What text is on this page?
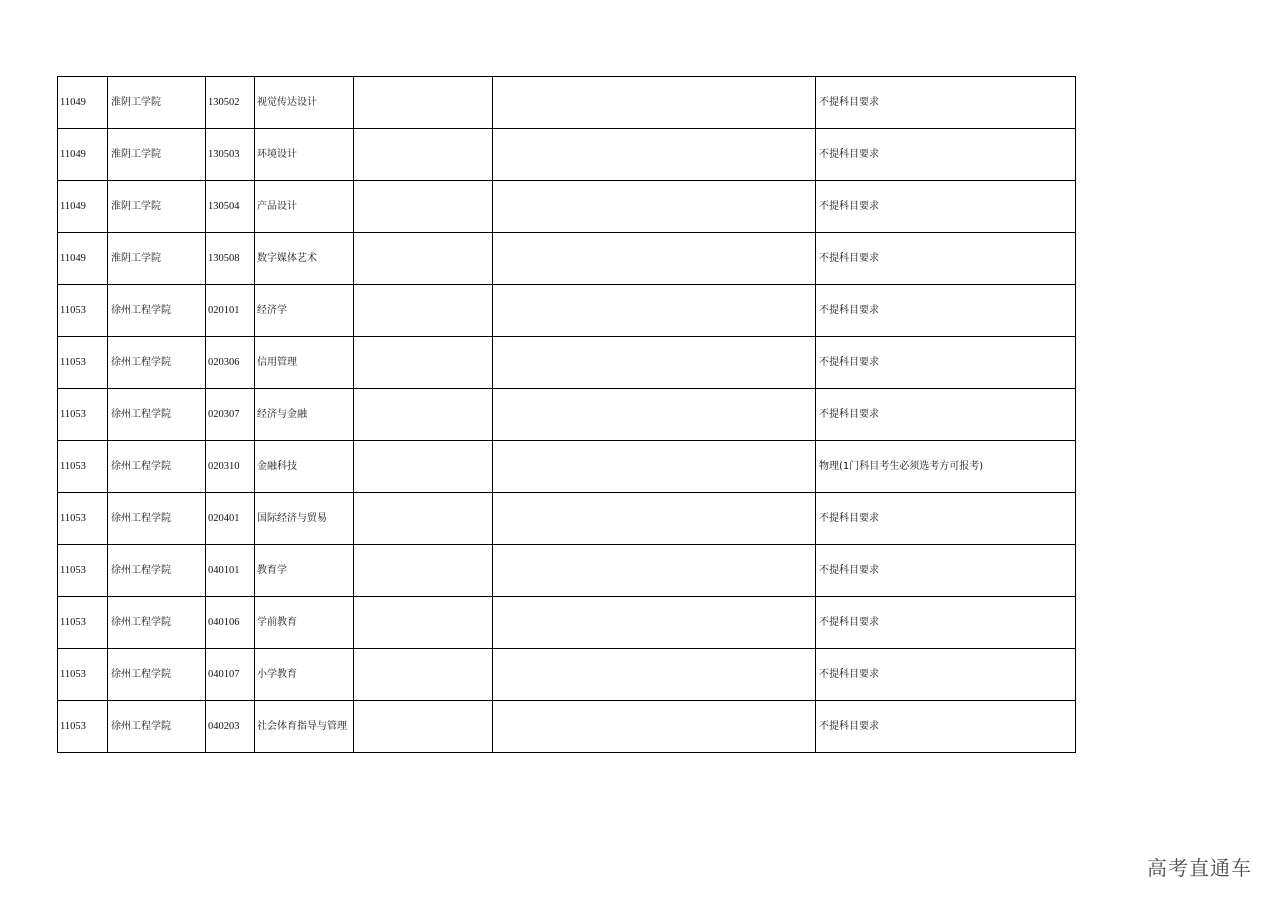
11049	淮阴工学院	130502	视觉传达设计			不提科目要求
11049	淮阴工学院	130503	环境设计			不提科目要求
11049	淮阴工学院	130504	产品设计			不提科目要求
11049	淮阴工学院	130508	数字媒体艺术			不提科目要求
11053	徐州工程学院	020101	经济学			不提科目要求
11053	徐州工程学院	020306	信用管理			不提科目要求
11053	徐州工程学院	020307	经济与金融			不提科目要求
11053	徐州工程学院	020310	金融科技			物理(1门科目考生必须选考方可报考)
11053	徐州工程学院	020401	国际经济与贸易			不提科目要求
11053	徐州工程学院	040101	教育学			不提科目要求
11053	徐州工程学院	040106	学前教育			不提科目要求
11053	徐州工程学院	040107	小学教育			不提科目要求
11053	徐州工程学院	040203	社会体育指导与管理			不提科目要求
高考直通车
